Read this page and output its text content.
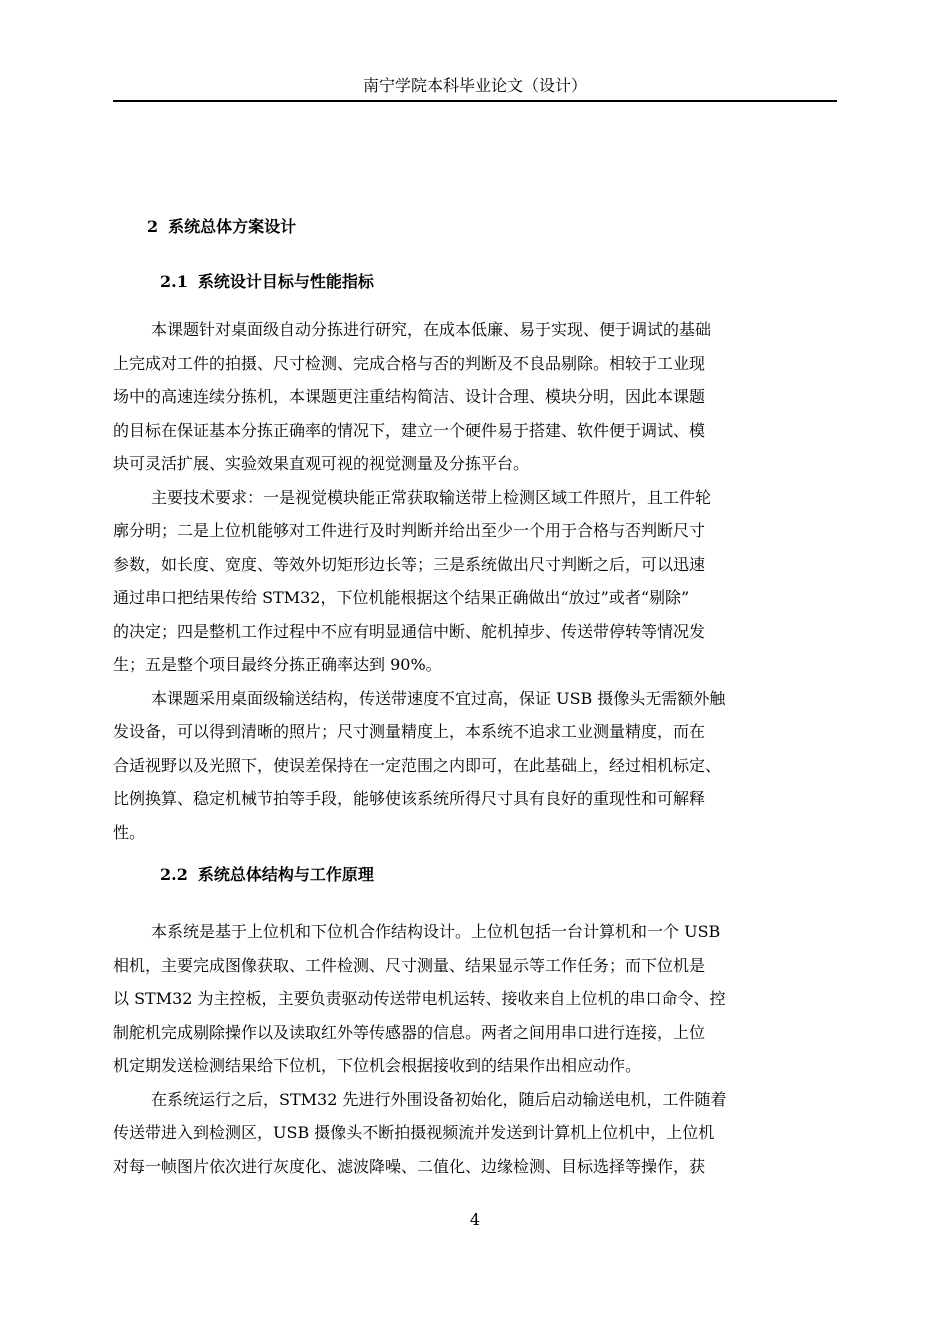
南宁学院本科毕业论文（设计）
2 系统总体方案设计
2.1 系统设计目标与性能指标
本课题针对桌面级自动分拣进行研究，在成本低廉、易于实现、便于调试的基础
上完成对工件的拍摄、尺寸检测、完成合格与否的判断及不良品剔除。相较于工业现
场中的高速连续分拣机，本课题更注重结构简洁、设计合理、模块分明，因此本课题
的目标在保证基本分拣正确率的情况下，建立一个硬件易于搭建、软件便于调试、模
块可灵活扩展、实验效果直观可视的视觉测量及分拣平台。
主要技术要求：一是视觉模块能正常获取输送带上检测区域工件照片，且工件轮
廓分明；二是上位机能够对工件进行及时判断并给出至少一个用于合格与否判断尺寸
参数，如长度、宽度、等效外切矩形边长等；三是系统做出尺寸判断之后，可以迅速
通过串口把结果传给 STM32，下位机能根据这个结果正确做出“放过”或者“剔除”
的决定；四是整机工作过程中不应有明显通信中断、舵机掉步、传送带停转等情况发
生；五是整个项目最终分拣正确率达到 90%。
本课题采用桌面级输送结构，传送带速度不宜过高，保证 USB 摄像头无需额外触
发设备，可以得到清晰的照片；尺寸测量精度上，本系统不追求工业测量精度，而在
合适视野以及光照下，使误差保持在一定范围之内即可，在此基础上，经过相机标定、
比例换算、稳定机械节拍等手段，能够使该系统所得尺寸具有良好的重现性和可解释
性。
2.2 系统总体结构与工作原理
本系统是基于上位机和下位机合作结构设计。上位机包括一台计算机和一个 USB
相机，主要完成图像获取、工件检测、尺寸测量、结果显示等工作任务；而下位机是
以 STM32 为主控板，主要负责驱动传送带电机运转、接收来自上位机的串口命令、控
制舵机完成剔除操作以及读取红外等传感器的信息。两者之间用串口进行连接，上位
机定期发送检测结果给下位机，下位机会根据接收到的结果作出相应动作。
在系统运行之后，STM32 先进行外围设备初始化，随后启动输送电机，工件随着
传送带进入到检测区，USB 摄像头不断拍摄视频流并发送到计算机上位机中，上位机
对每一帧图片依次进行灰度化、滤波降噪、二值化、边缘检测、目标选择等操作，获
4
